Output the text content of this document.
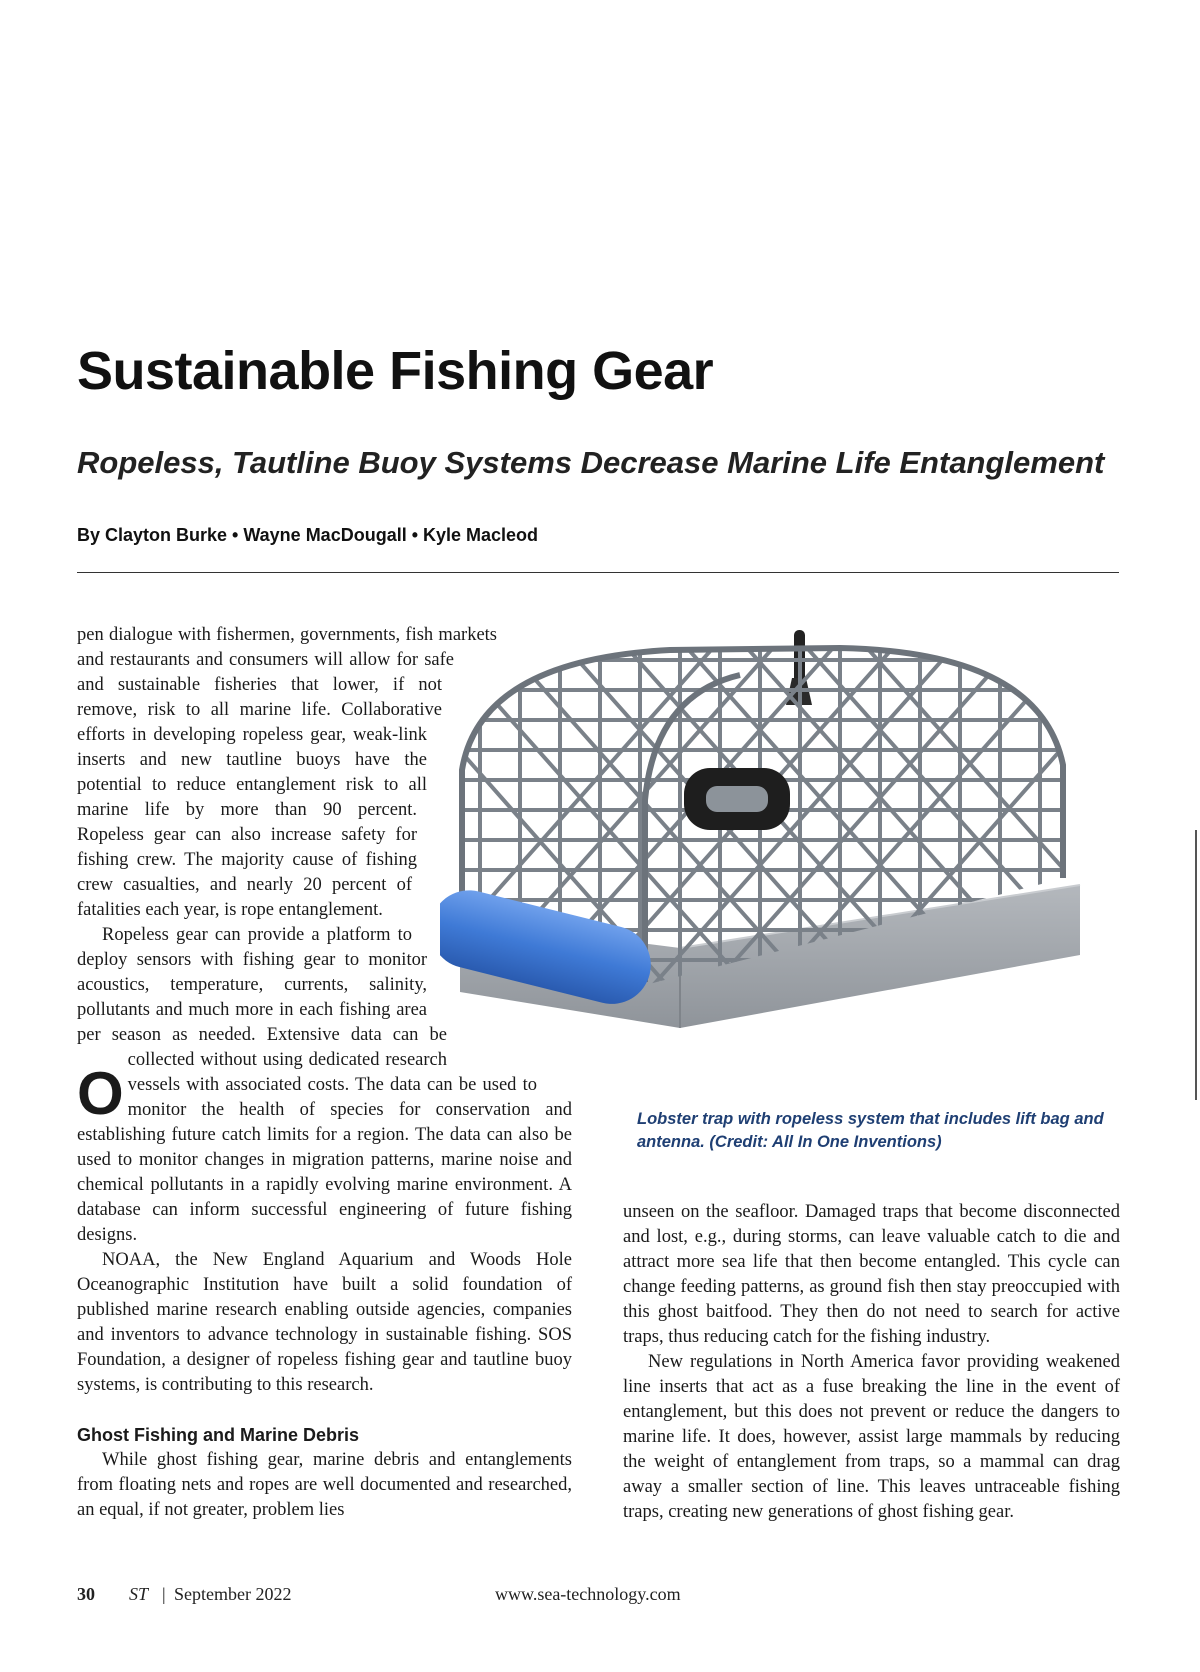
Sustainable Fishing Gear
Ropeless, Tautline Buoy Systems Decrease Marine Life Entanglement
By Clayton Burke • Wayne MacDougall • Kyle Macleod

O
pen dialogue with fishermen, governments, fish markets and restaurants and consumers will allow for safe and sustainable fisheries that lower, if not remove, risk to all marine life. Collaborative efforts in developing ropeless gear, weak-link inserts and new tautline buoys have the potential to reduce entanglement risk to all marine life by more than 90 percent. Ropeless gear can also increase safety for fishing crew. The majority cause of fishing crew casualties, and nearly 20 percent of fatalities each year, is rope entanglement.

Ropeless gear can provide a platform to deploy sensors with fishing gear to monitor acoustics, temperature, currents, salinity, pollutants and much more in each fishing area per season as needed. Extensive data can be collected without using dedicated research vessels with associated costs. The data can be used to monitor the health of species for conservation and establishing future catch limits for a region. The data can also be used to monitor changes in migration patterns, marine noise and chemical pollutants in a rapidly evolving marine environment. A database can inform successful engineering of future fishing designs.

NOAA, the New England Aquarium and Woods Hole Oceanographic Institution have built a solid foundation of published marine research enabling outside agencies, companies and inventors to advance technology in sustainable fishing. SOS Foundation, a designer of ropeless fishing gear and tautline buoy systems, is contributing to this research.

Ghost Fishing and Marine Debris

While ghost fishing gear, marine debris and entanglements from floating nets and ropes are well documented and researched, an equal, if not greater, problem lies

Lobster trap with ropeless system that includes lift bag and antenna. (Credit: All In One Inventions)

unseen on the seafloor. Damaged traps that become disconnected and lost, e.g., during storms, can leave valuable catch to die and attract more sea life that then become entangled. This cycle can change feeding patterns, as ground fish then stay preoccupied with this ghost baitfood. They then do not need to search for active traps, thus reducing catch for the fishing industry.

New regulations in North America favor providing weakened line inserts that act as a fuse breaking the line in the event of entanglement, but this does not prevent or reduce the dangers to marine life. It does, however, assist large mammals by reducing the weight of entanglement from traps, so a mammal can drag away a smaller section of line. This leaves untraceable fishing traps, creating new generations of ghost fishing gear.

30 ST | September 2022	www.sea-technology.com
